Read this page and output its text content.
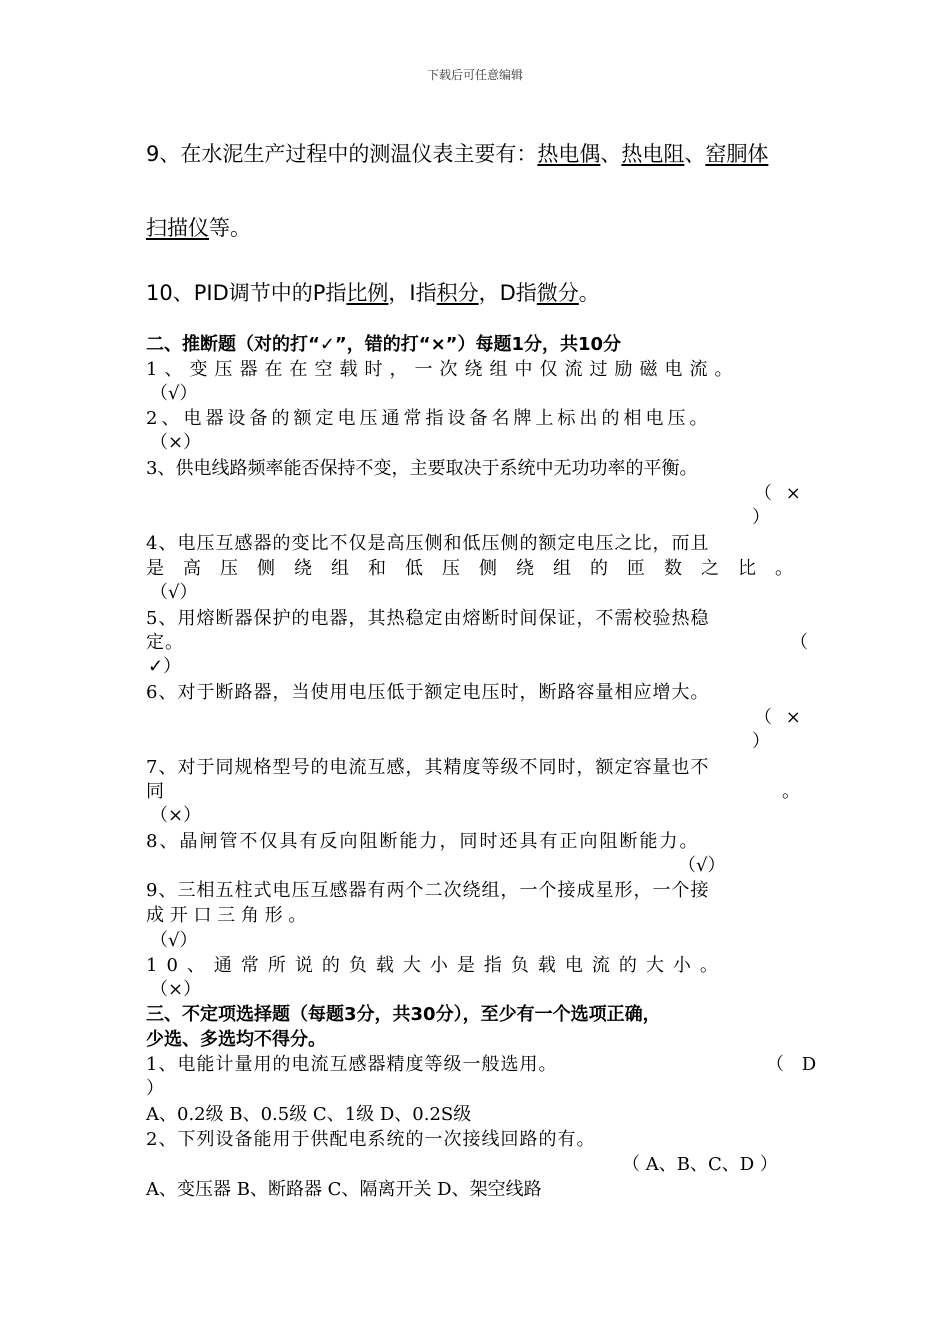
下载后可任意编辑
9、在水泥生产过程中的测温仪表主要有：热电偶、热电阻、窑胴体
扫描仪等。
10、PID调节中的P指比例，I指积分，D指微分。
二、推断题（对的打“✓”，错的打“×”）每题1分，共10分
1、变压器在在空载时，一次绕组中仅流过励磁电流。
（√）
2、电器设备的额定电压通常指设备名牌上标出的相电压。
（×）
3、供电线路频率能否保持不变，主要取决于系统中无功功率的平衡。
（ ×
）
4、电压互感器的变比不仅是高压侧和低压侧的额定电压之比，而且
是高压侧绕组和低压侧绕组的匝数之比。
（√）
5、用熔断器保护的电器，其热稳定由熔断时间保证，不需校验热稳
定。	（
✓）
6、对于断路器，当使用电压低于额定电压时，断路容量相应增大。
（ ×
）
7、对于同规格型号的电流互感，其精度等级不同时，额定容量也不
同	。
（×）
8、晶闸管不仅具有反向阻断能力，同时还具有正向阻断能力。
（√）
9、三相五柱式电压互感器有两个二次绕组，一个接成星形，一个接
成 开 口 三 角 形 。
（√）
10、通常所说的负载大小是指负载电流的大小。
（×）
三、不定项选择题（每题3分，共30分），至少有一个选项正确，
少选、多选均不得分。
1、电能计量用的电流互感器精度等级一般选用。	（ D
）
A、0.2级 B、0.5级 C、1级 D、0.2S级
2、下列设备能用于供配电系统的一次接线回路的有。
（ A、B、C、D ）
A、变压器 B、断路器 C、隔离开关 D、架空线路
